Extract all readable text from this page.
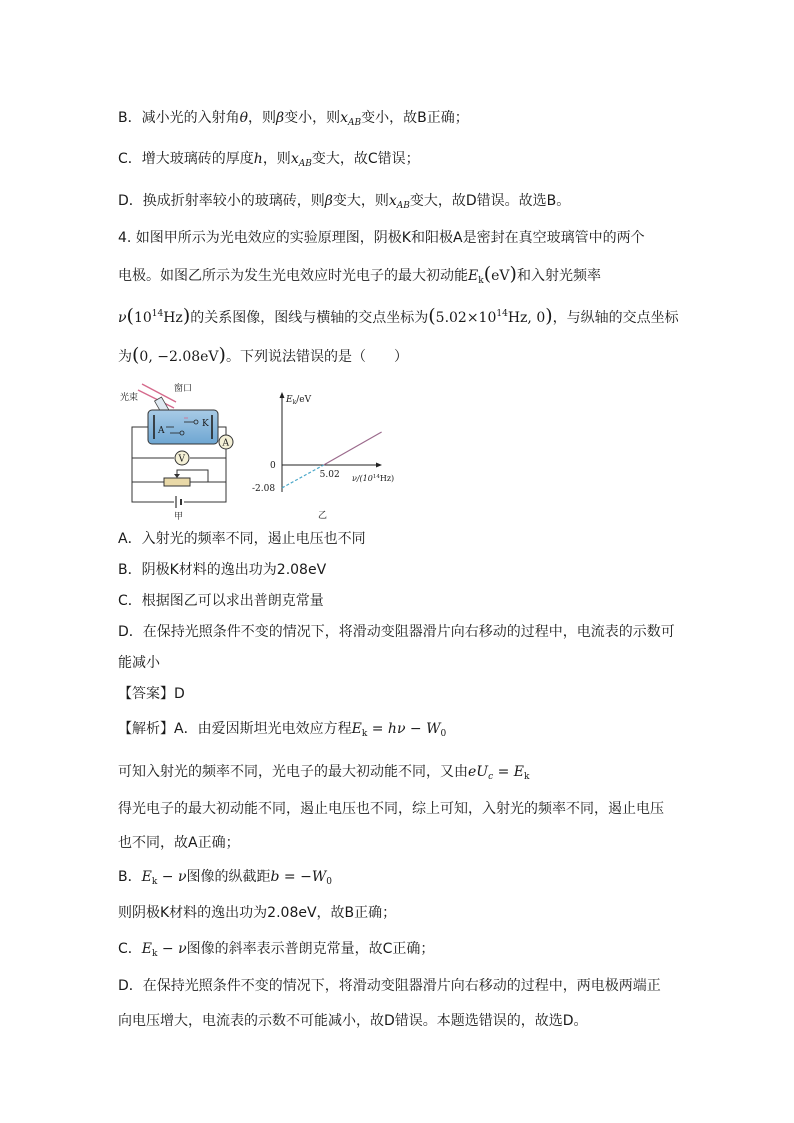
B．减小光的入射角θ，则β变小，则$x_{AB}$变小，故B正确；
C．增大玻璃砖的厚度h，则$x_{AB}$变大，故C错误；
D．换成折射率较小的玻璃砖，则β变大，则$x_{AB}$变大，故D错误。故选B。
4. 如图甲所示为光电效应的实验原理图，阴极K和阳极A是密封在真空玻璃管中的两个
电极。如图乙所示为发生光电效应时光电子的最大初动能$E_k(eV)$和入射光频率
$\nu(10^{14}Hz)$的关系图像，图线与横轴的交点坐标为($5.02\times 10^{14}Hz$, 0)，与纵轴的交点坐标
为(0, −2.08eV)。下列说法错误的是（　　）
光束
窗口
A
K
A
V
甲
$E_k/eV$
$\nu/(10^{14}Hz)$
0
5.02
-2.08
乙
A．入射光的频率不同，遏止电压也不同
B．阴极K材料的逸出功为2.08eV
C．根据图乙可以求出普朗克常量
D．在保持光照条件不变的情况下，将滑动变阻器滑片向右移动的过程中，电流表的示数可
能减小
【答案】D
【解析】A．由爱因斯坦光电效应方程$E_k = h\nu - W_0$
可知入射光的频率不同，光电子的最大初动能不同，又由$eU_c = E_k$
得光电子的最大初动能不同，遏止电压也不同，综上可知，入射光的频率不同，遏止电压
也不同，故A正确；
B．$E_k - \nu$图像的纵截距$b = -W_0$
则阴极K材料的逸出功为2.08eV，故B正确；
C．$E_k - \nu$图像的斜率表示普朗克常量，故C正确；
D．在保持光照条件不变的情况下，将滑动变阻器滑片向右移动的过程中，两电极两端正
向电压增大，电流表的示数不可能减小，故D错误。本题选错误的，故选D。
